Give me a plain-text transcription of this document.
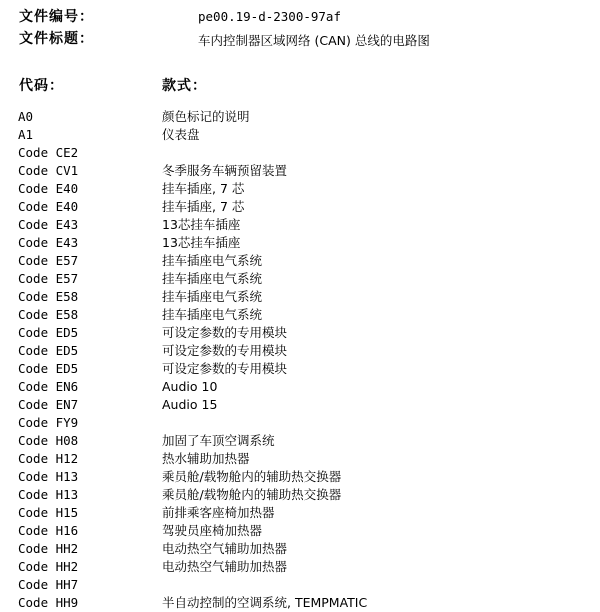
文件编号：	pe00.19-d-2300-97af
文件标题：	车内控制器区域网络 (CAN) 总线的电路图
代码：	款式：
A0	颜色标记的说明
A1	仪表盘
Code CE2
Code CV1	冬季服务车辆预留装置
Code E40	挂车插座, 7 芯
Code E40	挂车插座, 7 芯
Code E43	13芯挂车插座
Code E43	13芯挂车插座
Code E57	挂车插座电气系统
Code E57	挂车插座电气系统
Code E58	挂车插座电气系统
Code E58	挂车插座电气系统
Code ED5	可设定参数的专用模块
Code ED5	可设定参数的专用模块
Code ED5	可设定参数的专用模块
Code EN6	Audio 10
Code EN7	Audio 15
Code FY9
Code H08	加固了车顶空调系统
Code H12	热水辅助加热器
Code H13	乘员舱/载物舱内的辅助热交换器
Code H13	乘员舱/载物舱内的辅助热交换器
Code H15	前排乘客座椅加热器
Code H16	驾驶员座椅加热器
Code HH2	电动热空气辅助加热器
Code HH2	电动热空气辅助加热器
Code HH7
Code HH9	半自动控制的空调系统, TEMPMATIC
